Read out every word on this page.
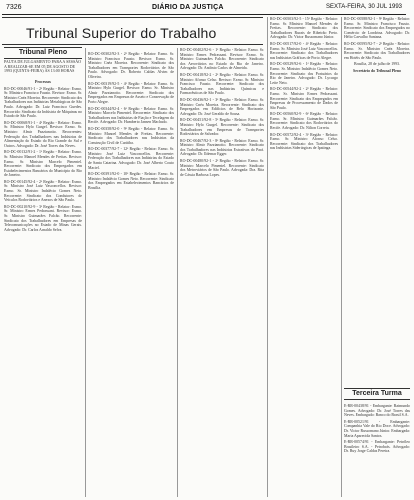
7326	DIÁRIO DA JUSTIÇA	SEXTA-FEIRA, 30 JUL 1993
Tribunal Superior do Trabalho
Tribunal Pleno
PAUTA DE JULGAMENTO PARA A SESSÃO A REALIZAR-SE EM 05 DE AGOSTO DE 1993 (QUINTA-FEIRA) ÀS 13:00 HORAS

Processos

RO-DC-00046/91-1 - 2ª Região - Relator: Exmo. Sr. Ministro Francisco Fausto. Revisor: Exmo. Sr. Ministro Cnéa Moreira. Recorrente: Sindicato dos Trabalhadores nas Indústrias Metalúrgicas de São Paulo. Advogado: Dr. Luiz Francisco Guedes. Recorrido: Sindicato da Indústria de Máquinas no Estado de São Paulo.

RO-DC-00068/91-1 - 4ª Região - Relator: Exmo. Sr. Ministro Hylo Gurgel. Revisor: Exmo. Sr. Ministro Almir Pazzianotto. Recorrentes: Federação dos Trabalhadores nas Indústrias de Alimentação do Estado do Rio Grande do Sul e Outros. Advogado: Dr. José Torres das Neves.

RO-DC-00132/91-2 - 1ª Região - Relator: Exmo. Sr. Ministro Manoel Mendes de Freitas. Revisor: Exmo. Sr. Ministro Marcelo Pimentel. Recorrente: Sindicato dos Empregados em Estabelecimentos Bancários do Município do Rio de Janeiro.

RO-DC-00145/92-4 - 2ª Região - Relator: Exmo. Sr. Ministro José Luiz Vasconcellos. Revisor: Exmo. Sr. Ministro Indalécio Gomes Neto. Recorrente: Sindicato dos Condutores de Veículos Rodoviários e Anexos de São Paulo.

RO-DC-00210/92-9 - 3ª Região - Relator: Exmo. Sr. Ministro Ermes Pedrassani. Revisor: Exmo. Sr. Ministro Guimarães Falcão. Recorrente: Sindicato dos Trabalhadores em Empresas de Telecomunicações no Estado de Minas Gerais. Advogado: Dr. Carlos Arnaldo Selva.

RO-DC-00302/92-3 - 2ª Região - Relator: Exmo. Sr. Ministro Francisco Fausto. Revisor: Exmo. Sr. Ministro Cnéa Moreira. Recorrente: Sindicato dos Trabalhadores em Transportes Rodoviários de São Paulo. Advogado: Dr. Roberto Caldas Alvim de Oliveira.

RO-DC-00319/92-5 - 4ª Região - Relator: Exmo. Sr. Ministro Hylo Gurgel. Revisor: Exmo. Sr. Ministro Almir Pazzianotto. Recorrente: Sindicato dos Empregados em Empresas de Asseio e Conservação de Porto Alegre.

RO-DC-00344/92-4 - 6ª Região - Relator: Exmo. Sr. Ministro Marcelo Pimentel. Recorrente: Sindicato dos Trabalhadores nas Indústrias de Fiação e Tecelagem do Recife. Advogado: Dr. Humberto Jansen Machado.

RO-DC-00358/92-0 - 9ª Região - Relator: Exmo. Sr. Ministro Manoel Mendes de Freitas. Recorrente: Sindicato dos Trabalhadores nas Indústrias da Construção Civil de Curitiba.

RO-DC-00377/92-7 - 12ª Região - Relator: Exmo. Sr. Ministro José Luiz Vasconcellos. Recorrente: Federação dos Trabalhadores nas Indústrias do Estado de Santa Catarina. Advogado: Dr. José Alberto Couto Maciel.

RO-DC-00391/92-0 - 10ª Região - Relator: Exmo. Sr. Ministro Indalécio Gomes Neto. Recorrente: Sindicato dos Empregados em Estabelecimentos Bancários de Brasília.

RO-DC-00402/92-6 - 1ª Região - Relator: Exmo. Sr. Ministro Ermes Pedrassani. Revisor: Exmo. Sr. Ministro Guimarães Falcão. Recorrente: Sindicato dos Aeroviários no Estado do Rio de Janeiro. Advogado: Dr. Antônio Carlos de Almeida.

RO-DC-00418/92-2 - 2ª Região - Relator: Exmo. Sr. Ministro Afonso Celso. Revisor: Exmo. Sr. Ministro Francisco Fausto. Recorrente: Sindicato dos Trabalhadores nas Indústrias Químicas e Farmacêuticas de São Paulo.

RO-DC-00436/92-1 - 3ª Região - Relator: Exmo. Sr. Ministro Cnéa Moreira. Recorrente: Sindicato dos Empregados em Edifícios de Belo Horizonte. Advogado: Dr. José Geraldo de Sousa.

RO-DC-00451/92-8 - 5ª Região - Relator: Exmo. Sr. Ministro Hylo Gurgel. Recorrente: Sindicato dos Trabalhadores em Empresas de Transportes Rodoviários de Salvador.

RO-DC-00467/92-3 - 8ª Região - Relator: Exmo. Sr. Ministro Almir Pazzianotto. Recorrente: Sindicato dos Trabalhadores nas Indústrias Extrativas do Pará. Advogado: Dr. Ildemar Egger.

RO-DC-00480/92-1 - 2ª Região - Relator: Exmo. Sr. Ministro Marcelo Pimentel. Recorrente: Sindicato dos Metroviários de São Paulo. Advogada: Dra. Rita de Cássia Barbosa Lopes.

RO-DC-00503/92-5 - 15ª Região - Relator: Exmo. Sr. Ministro Manoel Mendes de Freitas. Recorrente: Sindicato dos Trabalhadores Rurais de Ribeirão Preto. Advogado: Dr. Victor Russomano Júnior.

RO-DC-00517/92-0 - 4ª Região - Relator: Exmo. Sr. Ministro José Luiz Vasconcellos. Recorrente: Sindicato dos Trabalhadores nas Indústrias Gráficas de Porto Alegre.

RO-DC-00529/92-6 - 1ª Região - Relator: Exmo. Sr. Ministro Indalécio Gomes Neto. Recorrente: Sindicato dos Portuários do Rio de Janeiro. Advogado: Dr. Lycurgo Leite Neto.

RO-DC-00544/92-2 - 2ª Região - Relator: Exmo. Sr. Ministro Ermes Pedrassani. Recorrente: Sindicato dos Empregados em Empresas de Processamento de Dados de São Paulo.

RO-DC-00560/92-9 - 6ª Região - Relator: Exmo. Sr. Ministro Guimarães Falcão. Recorrente: Sindicato dos Rodoviários do Recife. Advogado: Dr. Nilton Correia.

RO-DC-00572/92-4 - 3ª Região - Relator: Exmo. Sr. Ministro Afonso Celso. Recorrente: Sindicato dos Trabalhadores nas Indústrias Siderúrgicas de Ipatinga.

RO-DC-00588/92-1 - 9ª Região - Relator: Exmo. Sr. Ministro Francisco Fausto. Recorrente: Sindicato dos Empregados no Comércio de Londrina. Advogado: Dr. Hélio Carvalho Santana.

RO-DC-00595/92-7 - 2ª Região - Relator: Exmo. Sr. Ministro Cnéa Moreira. Recorrente: Sindicato dos Trabalhadores em Hotéis de São Paulo.

Brasília, 28 de julho de 1993.

Secretário do Tribunal Pleno

Terceira Turma

E-RR-00438/91 - Embargante: Raimundo Gomes. Advogado: Dr. José Torres das Neves. Embargado: Banco do Brasil S.A.

E-RR-00521/91 - Embargante: Companhia Vale do Rio Doce. Advogado: Dr. Victor Russomano Júnior. Embargada: Maria Aparecida Santos.

E-RR-00574/91 - Embargante: Petróleo Brasileiro S.A. - Petrobrás. Advogado: Dr. Ruy Jorge Caldas Pereira.
